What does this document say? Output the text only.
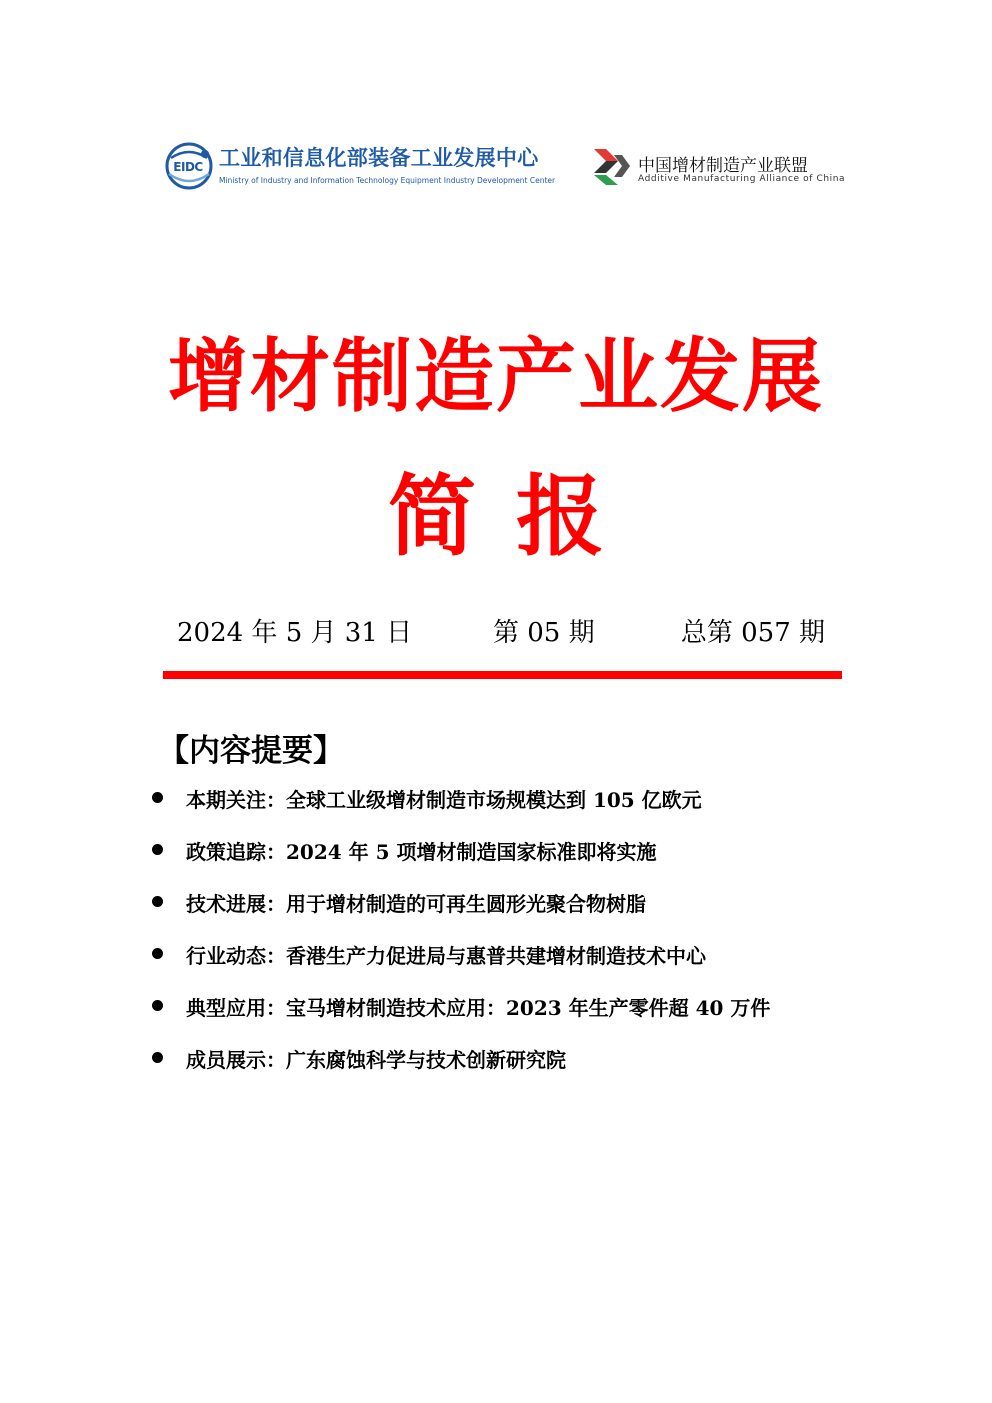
EIDC 工业和信息化部装备工业发展中心
Ministry of Industry and Information Technology Equipment Industry Development Center
中国增材制造产业联盟
Additive Manufacturing Alliance of China
增材制造产业发展
简报
2024 年 5 月 31 日	第 05 期	总第 057 期
【内容提要】
本期关注：全球工业级增材制造市场规模达到 105 亿欧元
政策追踪：2024 年 5 项增材制造国家标准即将实施
技术进展：用于增材制造的可再生圆形光聚合物树脂
行业动态：香港生产力促进局与惠普共建增材制造技术中心
典型应用：宝马增材制造技术应用：2023 年生产零件超 40 万件
成员展示：广东腐蚀科学与技术创新研究院
